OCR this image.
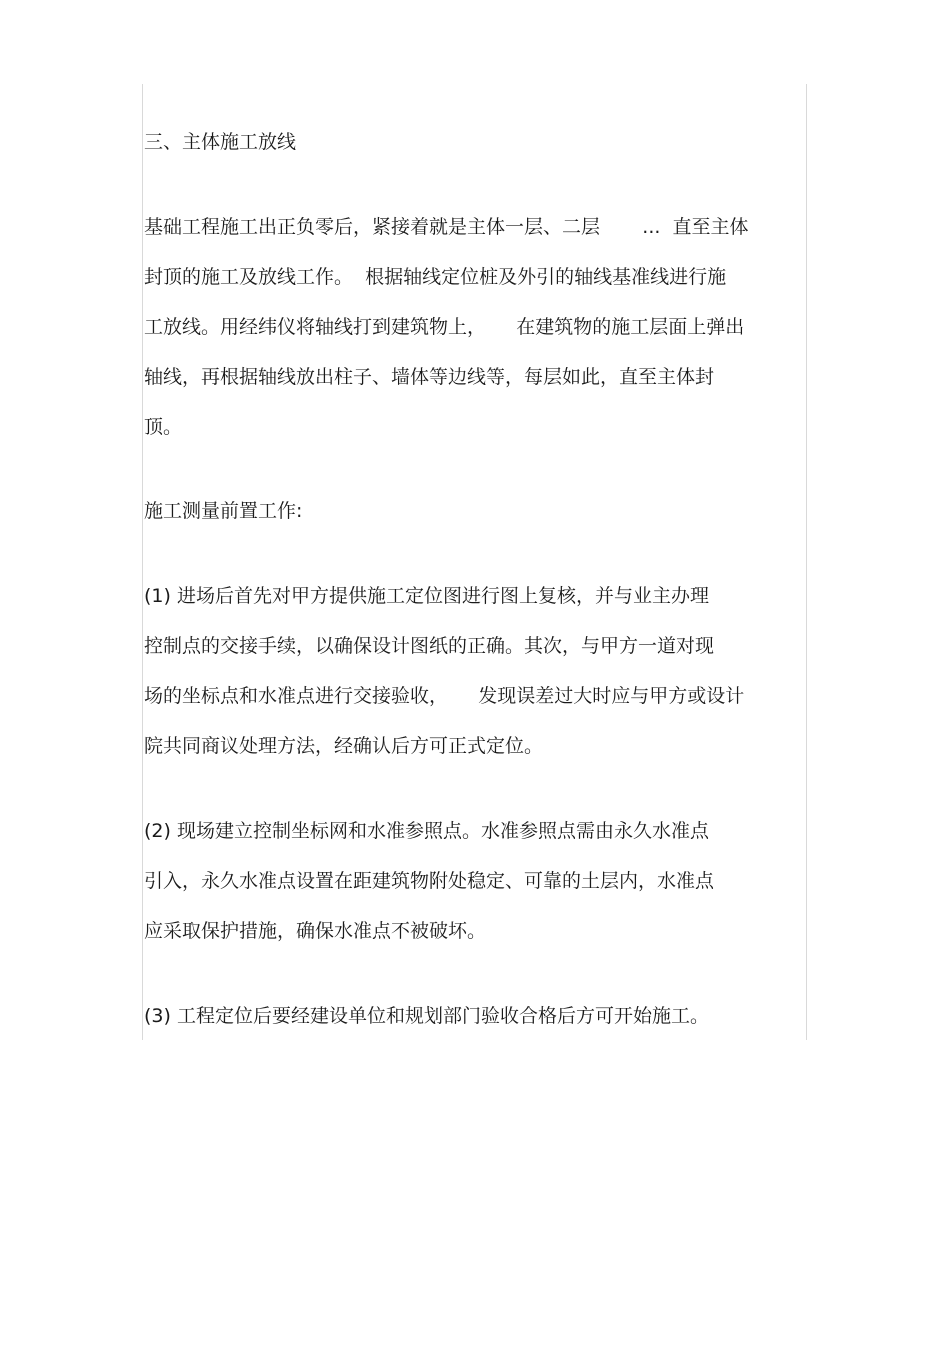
三、主体施工放线
基础工程施工出正负零后，紧接着就是主体一层、二层       ...  直至主体
封顶的施工及放线工作。  根据轴线定位桩及外引的轴线基准线进行施
工放线。用经纬仪将轴线打到建筑物上，     在建筑物的施工层面上弹出
轴线，再根据轴线放出柱子、墙体等边线等，每层如此，直至主体封
顶。
施工测量前置工作:
(1) 进场后首先对甲方提供施工定位图进行图上复核，并与业主办理
控制点的交接手续，以确保设计图纸的正确。其次，与甲方一道对现
场的坐标点和水准点进行交接验收，     发现误差过大时应与甲方或设计
院共同商议处理方法，经确认后方可正式定位。
(2) 现场建立控制坐标网和水准参照点。水准参照点需由永久水准点
引入，永久水准点设置在距建筑物附处稳定、可靠的土层内，水准点
应采取保护措施，确保水准点不被破坏。
(3) 工程定位后要经建设单位和规划部门验收合格后方可开始施工。
